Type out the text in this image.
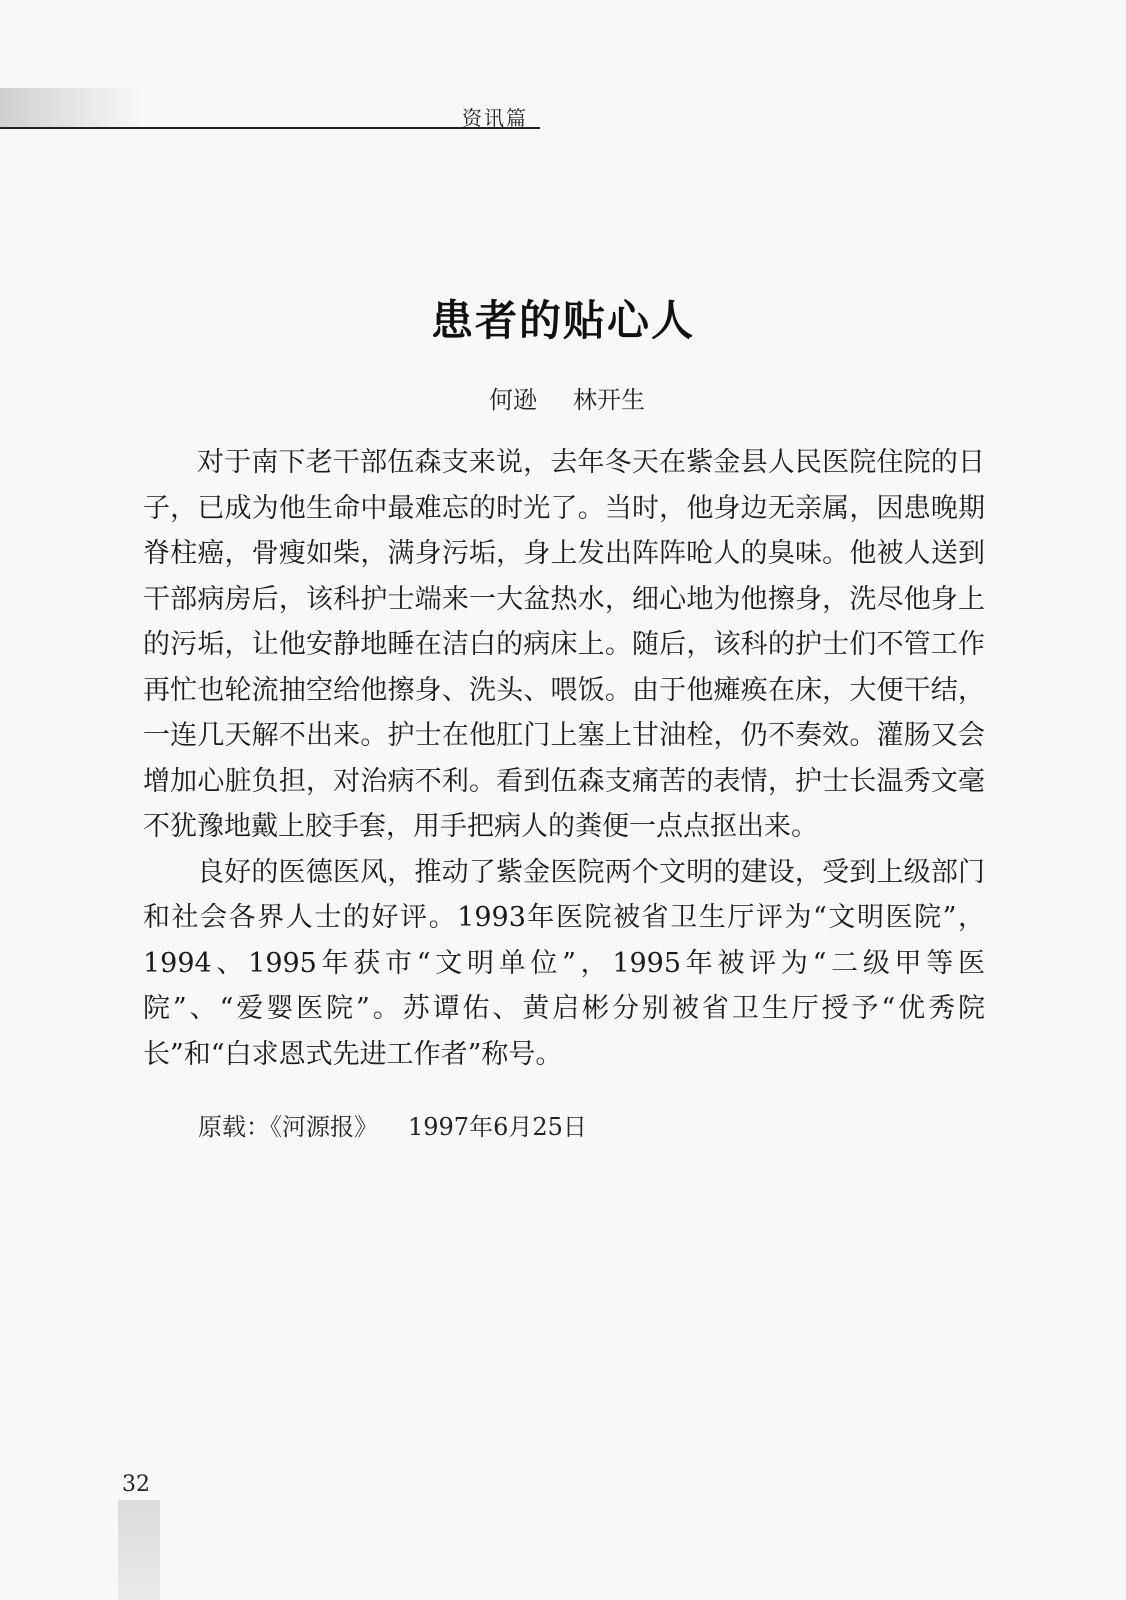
资讯篇
患者的贴心人
何逊 林开生

对于南下老干部伍森支来说，去年冬天在紫金县人民医院住院的日子，已成为他生命中最难忘的时光了。当时，他身边无亲属，因患晚期脊柱癌，骨瘦如柴，满身污垢，身上发出阵阵呛人的臭味。他被人送到干部病房后，该科护士端来一大盆热水，细心地为他擦身，洗尽他身上的污垢，让他安静地睡在洁白的病床上。随后，该科的护士们不管工作再忙也轮流抽空给他擦身、洗头、喂饭。由于他瘫痪在床，大便干结，一连几天解不出来。护士在他肛门上塞上甘油栓，仍不奏效。灌肠又会增加心脏负担，对治病不利。看到伍森支痛苦的表情，护士长温秀文毫不犹豫地戴上胶手套，用手把病人的粪便一点点抠出来。

良好的医德医风，推动了紫金医院两个文明的建设，受到上级部门和社会各界人士的好评。1993年医院被省卫生厅评为“文明医院”，1994、1995年获市“文明单位”，1995年被评为“二级甲等医院”、“爱婴医院”。苏谭佑、黄启彬分别被省卫生厅授予“优秀院长”和“白求恩式先进工作者”称号。

原载：《河源报》 1997年6月25日
32
